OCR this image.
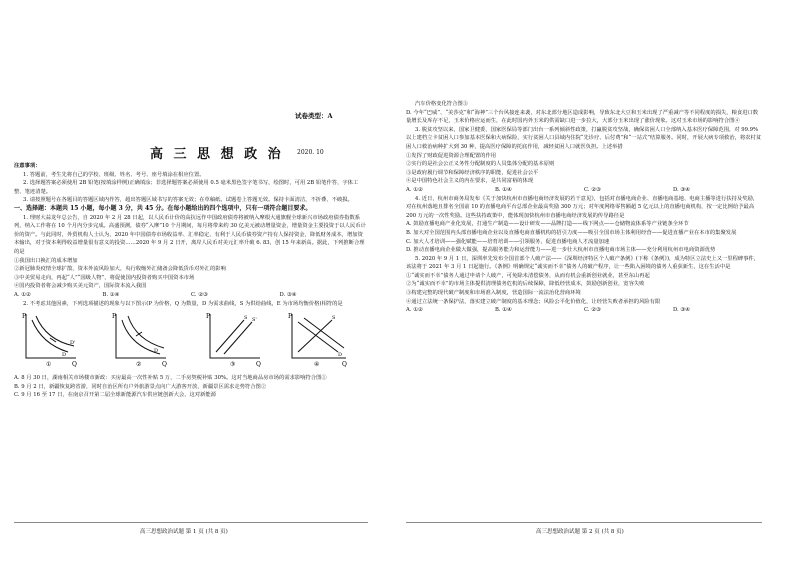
试卷类型：A
高 三 思 想 政 治 2020. 10

注意事项：

1. 答题前，考生先将自己的学校、班级、姓名、考号、座号填涂在相应位置。

2. 选择题答案必须使用 2B 铅笔(按填涂样例)正确填涂；非选择题答案必须使用 0.5 毫米黑色签字笔书写，绘图时，可用 2B 铅笔作答，字体工整、笔迹清楚。

3. 请按照题号在各题目的答题区域内作答，超出答题区域书写的答案无效；在草稿纸、试题卷上答题无效。保持卡面清洁，不折叠、不破损。

一、选择题：本题共 15 小题，每小题 3 分，共 45 分。在每小题给出的四个选项中，只有一项符合题目要求。

1. 理财大蒜龙年总公告，自 2020 年 2 月 28 日起，以人民币计价的高抗远作中国政府债券将被纳入摩根大通旗舰全球新兴市场政府债券指数系列，纳入工作将在 10 个月内分步完成。高盛预测，债券“入摩”10 个月期间，每月将带来约 30 亿美元被动增量资金，增量资金主要投资于以人民币计价的资产。与此同时，外贸机构人士认为，2020 年中国债券市场收益率、汇率稳定，有利于人民币债券资产持有人保持资金，降低财务成本，增加资本输出，对于资本利得收益增量很有意义的投资……2020 年 9 月 2 日开，离岸人民币对美元汇率升破 6. 83，创 15 年来新高。据此，下列推断合理的是

①我国出口换汇的成本增加

②新冠肺炎疫情全球扩散，资本外流风险加大，央行收缩外汇储备会降低货币对外汇的影响

③中美贸易走向，再起“人”“国级人物”，将促使国内投资者购买中国资本市场

④国内投资者将会减少购买美元资产，国际资本流入我国

A. ①②	B. ①④	C. ②③	D. ③④

2. 不考虑其他因素，下列选项描述的现象与以下图示(P 为价格，Q 为数量，D 为需求曲线，S 为供给曲线，E 为市场均衡价格)相符的是

P
Q
D
D'
①
P
Q
D
②
P
Q
S S'
③
P
Q
S
D
④

A. 8 月 30 日，湖南相关市场楼市新政：买房最高一次性补贴 5 万，二手房契税补贴 30%。这对当地商品房市场的需求影响符合图①

B. 9 月 2 日，新疆恢复跨省游，同时自治区所有户外旅游景点向广大游客开放，新疆景区需求走势符合图②

C. 9 月 16 至 17 日，在南京召开第二届全球新能源汽车供应链创新大会，这对新能源

汽车价格变化符合图③

D. 今年“巴威”、“美莎克”和“海神”三个台风接连来袭，对东北部分地区造成影响，导致东北大豆和玉米出现了严重减产等不同程度的损失，粮食进口数量增长及库存不足，玉米价格应运而生，在此时国内外玉米的供需缺口进一步拉大，大部分玉米出现了涨价现象。这对玉米市场的影响符合图④

3. 脱贫攻坚以来，国家卫健委、国家医保局等部门出台一系列倾斜性政策，打赢脱贫攻坚战，确保贫困人口全部纳入基本医疗保障范围，对 99.9% 以上建档立卡贫困人口参加基本医保和大病保险，实行贫困人口县域内住院“先诊疗、后付费”和“一站式”结算服务。同时，开展大病专项救治，将农村贫困人口救治病种扩大到 30 种，提高医疗保障的托底作用，减轻贫困人口就医负担。上述举措

①发挥了财政促进资源合理配置的作用

②实行的是社会公正义务性分配制度的人员集体分配的基本原则

③是政府履行调节和保障经济秩序的职能，促进社会公平

④是中国特色社会主义的内在要求，是共同富裕的体现

A. ①②	B. ①④	C. ②③	D. ③④

4. 近日，杭州市商务局发布《关于加快杭州市直播电商经济发展的若干意见》，包括对直播电商企业、直播电商基地、电商主播等进行扶持及奖励，对在杭州落地且排名全国前 10 的直播电商平台总部企业最高奖励 300 万元；对年度网络零售额超 5 亿元以上的直播电商机构，按一定比例给予最高 200 万元的一次性奖励。这些扶持政策中，能体现加快杭州市直播电商经济发展的传导路径是

A. 鼓励直播电商产业化发展，打通生产制造——设计研发——品牌打造——线下网点——仓储物流体系等产业链条全环节

B. 加大对全国范围内头部直播电商企业以及直播电商直播机构的招引力度——吸引全国市场主体利用经营——促进直播产业在本市的集聚发展

C. 加大人才培训——强化赋能——培育培训——引领服务，促进直播电商人才流量加速

D. 推动直播电商企业做大做强，提高服务能力和运营能力——进一步壮大杭州市直播电商市场主体——充分利用杭州市电商资源优势

5. 2020 年 9 月 1 日，深圳率先发布全国首部个人破产法——《深圳经济特区个人破产条例》(下称《条例》)，成为特区立法史上又一里程碑事件，该法将于 2021 年 3 月 1 日起施行。《条例》明确规定“诚实而不幸”债务人的破产程序，让一些陷入困境的债务人重获新生，这在生活中是

①“诚实而不幸”债务人通过申请个人破产，可免除未清偿债务，从而有机会重新创业就业，甚至东山再起

②为“诚实而不幸”的市场主体提供清理债务危机的后续保障，降低经营成本，鼓励创新创业，宽容失败

③构建完整的现代破产制度和市场准入制度，营造国际一流法治化营商环境

④通过立法统一条保护法，落实建立破产制度的基本理念；风险公平化价值化，让经营失败者承担的风险有限

A. ①②	B. ①④	C. ②③	D. ③④
高三思想政治试题 第 1 页 (共 8 页)	高三思想政治试题 第 2 页 (共 8 页)
